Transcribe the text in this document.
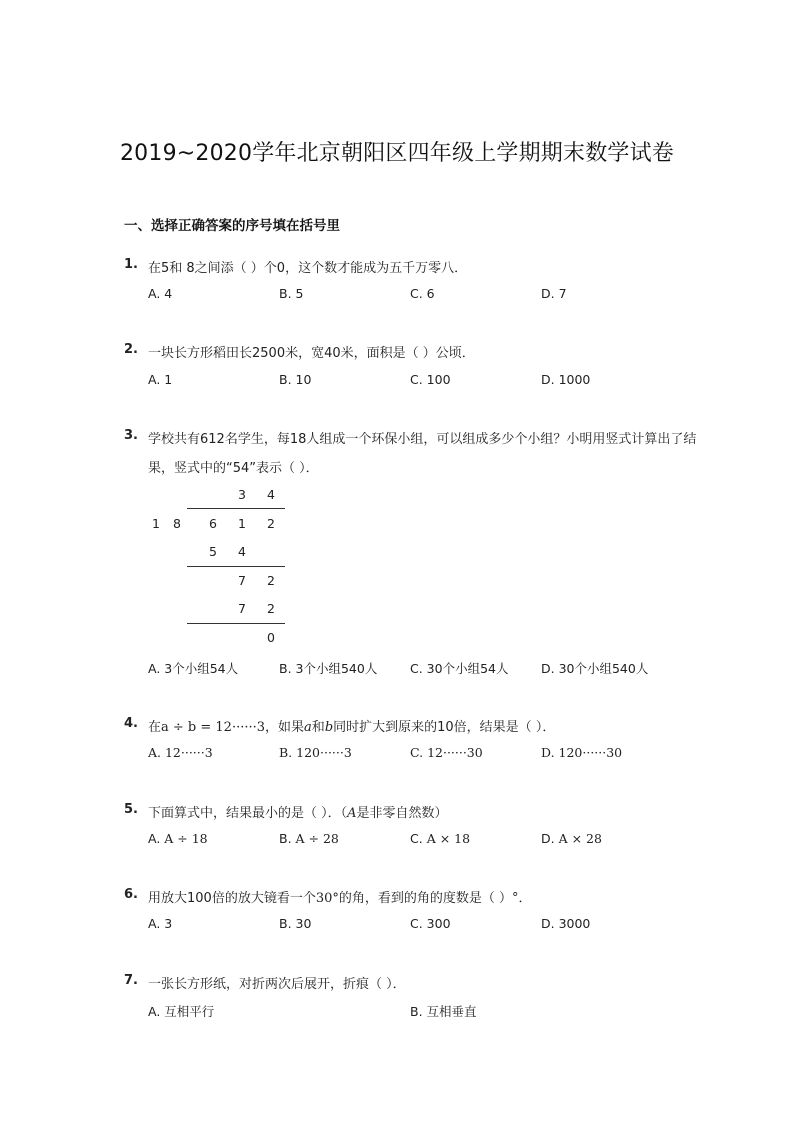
2019~2020学年北京朝阳区四年级上学期期末数学试卷
一、选择正确答案的序号填在括号里
1. 在5和 8之间添（ ）个0，这个数才能成为五千万零八．
A. 4	B. 5	C. 6	D. 7
2. 一块长方形稻田长2500米，宽40米，面积是（ ）公顷．
A. 1	B. 10	C. 100	D. 1000
3. 学校共有612名学生，每18人组成一个环保小组，可以组成多少个小组？小明用竖式计算出了结
果，竖式中的“54”表示（ ）．
3 4
1 8 6 1 2
5 4
7 2
7 2
0
A. 3个小组54人	B. 3个小组540人	C. 30个小组54人	D. 30个小组540人
4. 在a ÷ b = 12······3，如果a和b同时扩大到原来的10倍，结果是（ ）．
A. 12······3	B. 120······3	C. 12······30	D. 120······30
5. 下面算式中，结果最小的是（ ）．（A是非零自然数）
A. A ÷ 18	B. A ÷ 28	C. A × 18	D. A × 28
6. 用放大100倍的放大镜看一个30°的角，看到的角的度数是（ ）°．
A. 3	B. 30	C. 300	D. 3000
7. 一张长方形纸，对折两次后展开，折痕（ ）．
A. 互相平行	B. 互相垂直
